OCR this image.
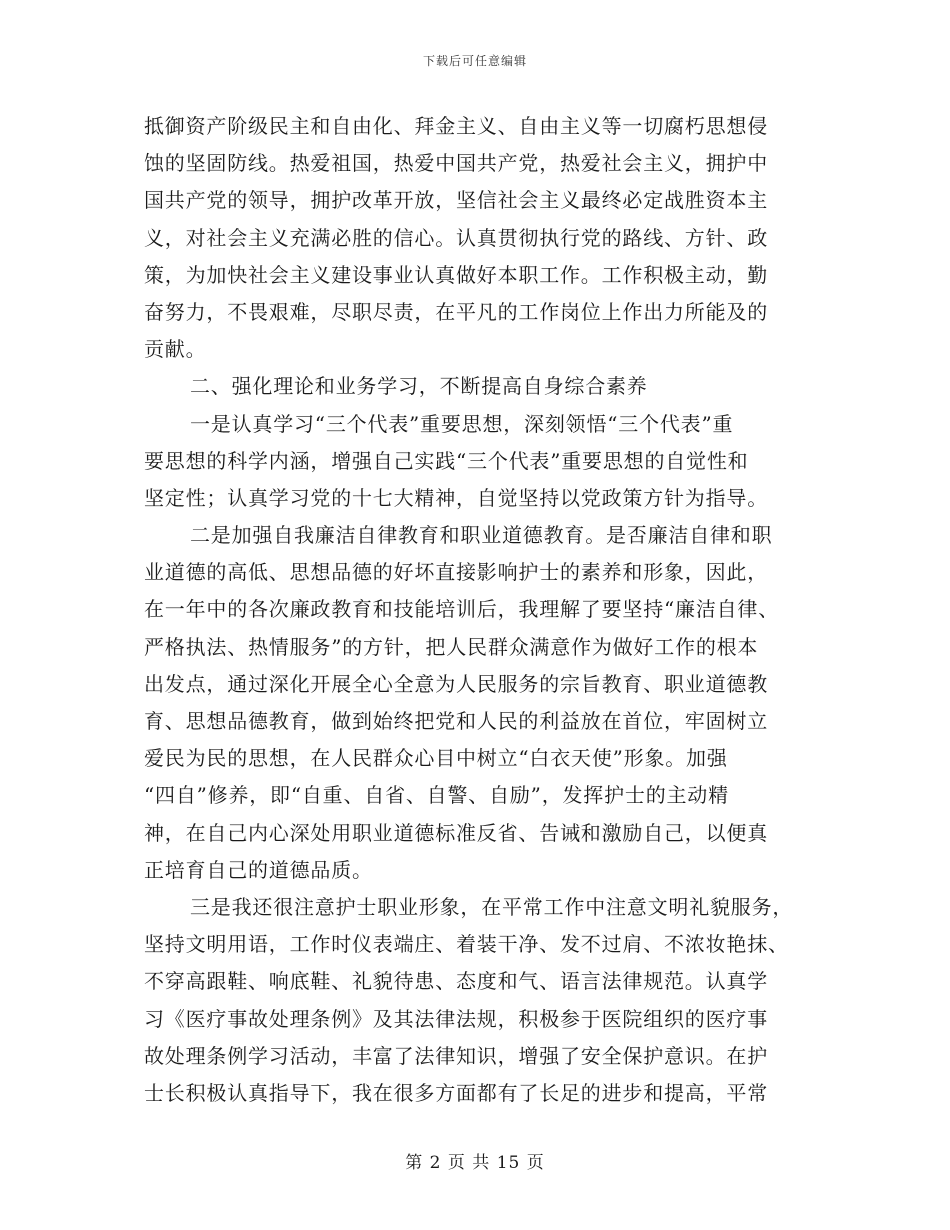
下载后可任意编辑
抵御资产阶级民主和自由化、拜金主义、自由主义等一切腐朽思想侵
蚀的坚固防线。热爱祖国，热爱中国共产党，热爱社会主义，拥护中
国共产党的领导，拥护改革开放，坚信社会主义最终必定战胜资本主
义，对社会主义充满必胜的信心。认真贯彻执行党的路线、方针、政
策，为加快社会主义建设事业认真做好本职工作。工作积极主动，勤
奋努力，不畏艰难，尽职尽责，在平凡的工作岗位上作出力所能及的
贡献。
二、强化理论和业务学习，不断提高自身综合素养
一是认真学习“三个代表”重要思想，深刻领悟“三个代表”重
要思想的科学内涵，增强自己实践“三个代表”重要思想的自觉性和
坚定性；认真学习党的十七大精神，自觉坚持以党政策方针为指导。
二是加强自我廉洁自律教育和职业道德教育。是否廉洁自律和职
业道德的高低、思想品德的好坏直接影响护士的素养和形象，因此，
在一年中的各次廉政教育和技能培训后，我理解了要坚持“廉洁自律、
严格执法、热情服务”的方针，把人民群众满意作为做好工作的根本
出发点，通过深化开展全心全意为人民服务的宗旨教育、职业道德教
育、思想品德教育，做到始终把党和人民的利益放在首位，牢固树立
爱民为民的思想，在人民群众心目中树立“白衣天使”形象。加强
“四自”修养，即“自重、自省、自警、自励”，发挥护士的主动精
神，在自己内心深处用职业道德标准反省、告诫和激励自己，以便真
正培育自己的道德品质。
三是我还很注意护士职业形象，在平常工作中注意文明礼貌服务，
坚持文明用语，工作时仪表端庄、着装干净、发不过肩、不浓妆艳抹、
不穿高跟鞋、响底鞋、礼貌待患、态度和气、语言法律规范。认真学
习《医疗事故处理条例》及其法律法规，积极参于医院组织的医疗事
故处理条例学习活动，丰富了法律知识，增强了安全保护意识。在护
士长积极认真指导下，我在很多方面都有了长足的进步和提高，平常
第 2 页 共 15 页
